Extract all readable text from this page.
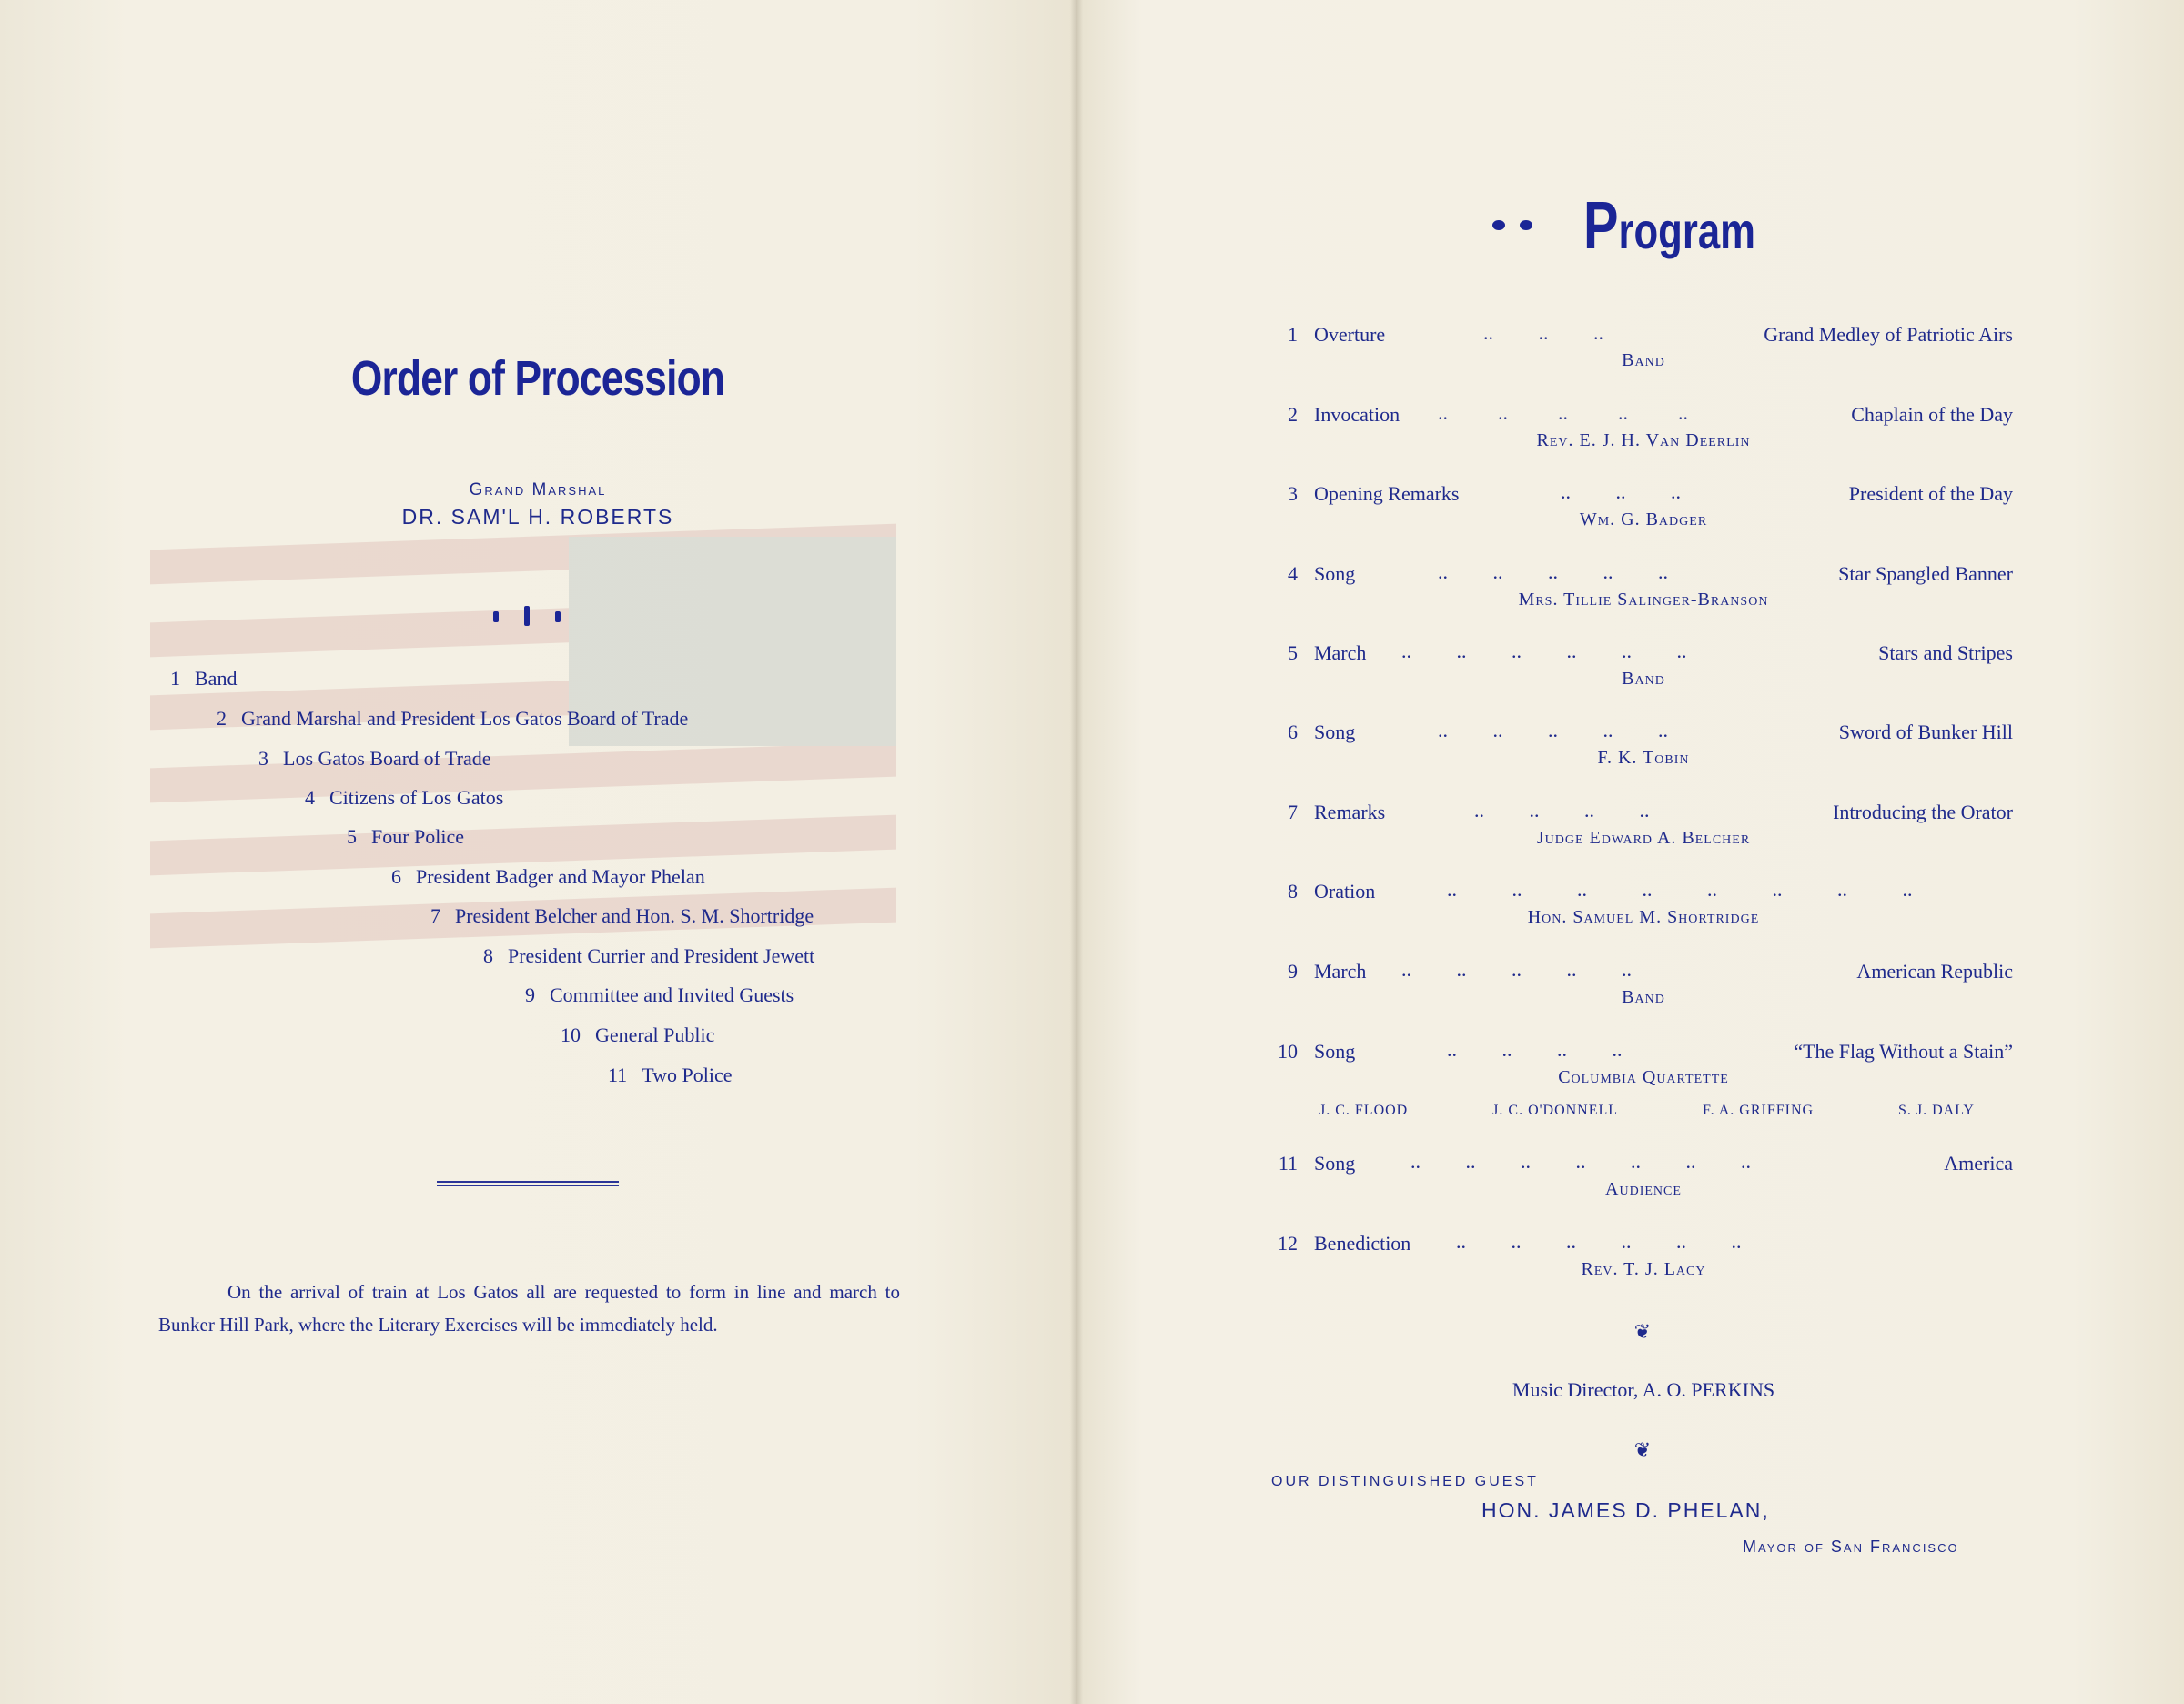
Order of Procession
Grand Marshal
DR. SAM'L H. ROBERTS
1 Band
2 Grand Marshal and President Los Gatos Board of Trade
3 Los Gatos Board of Trade
4 Citizens of Los Gatos
5 Four Police
6 President Badger and Mayor Phelan
7 President Belcher and Hon. S. M. Shortridge
8 President Currier and President Jewett
9 Committee and Invited Guests
10 General Public
11 Two Police
On the arrival of train at Los Gatos all are requested to form in line and march to Bunker Hill Park, where the Literary Exercises will be immediately held.
Program
1 Overture	..         ..         ..	Grand Medley of Patriotic Airs
Band
2 Invocation ..          ..          ..          ..          ..	Chaplain of the Day
Rev. E. J. H. Van Deerlin
3 Opening Remarks	..         ..         ..	President of the Day
Wm. G. Badger
4 Song	..         ..         ..         ..         ..	Star Spangled Banner
Mrs. Tillie Salinger-Branson
5 March ..         ..         ..         ..         ..         ..	Stars and Stripes
Band
6 Song	..         ..         ..         ..         ..	Sword of Bunker Hill
F. K. Tobin
7 Remarks	..         ..         ..         ..	Introducing the Orator
Judge Edward A. Belcher
8 Oration	..           ..           ..           ..           ..           ..           ..           ..
Hon. Samuel M. Shortridge
9 March ..         ..         ..         ..         ..	American Republic
Band
10 Song	..         ..         ..         ..	“The Flag Without a Stain”
Columbia Quartette
J. C. FLOOD	J. C. O'DONNELL	F. A. GRIFFING	S. J. DALY
11 Song	..         ..         ..         ..         ..         ..         ..	America
Audience
12 Benediction ..         ..         ..         ..         ..         ..
Rev. T. J. Lacy
❦
Music Director, A. O. PERKINS
❦
OUR DISTINGUISHED GUEST
HON. JAMES D. PHELAN,
Mayor of San Francisco
